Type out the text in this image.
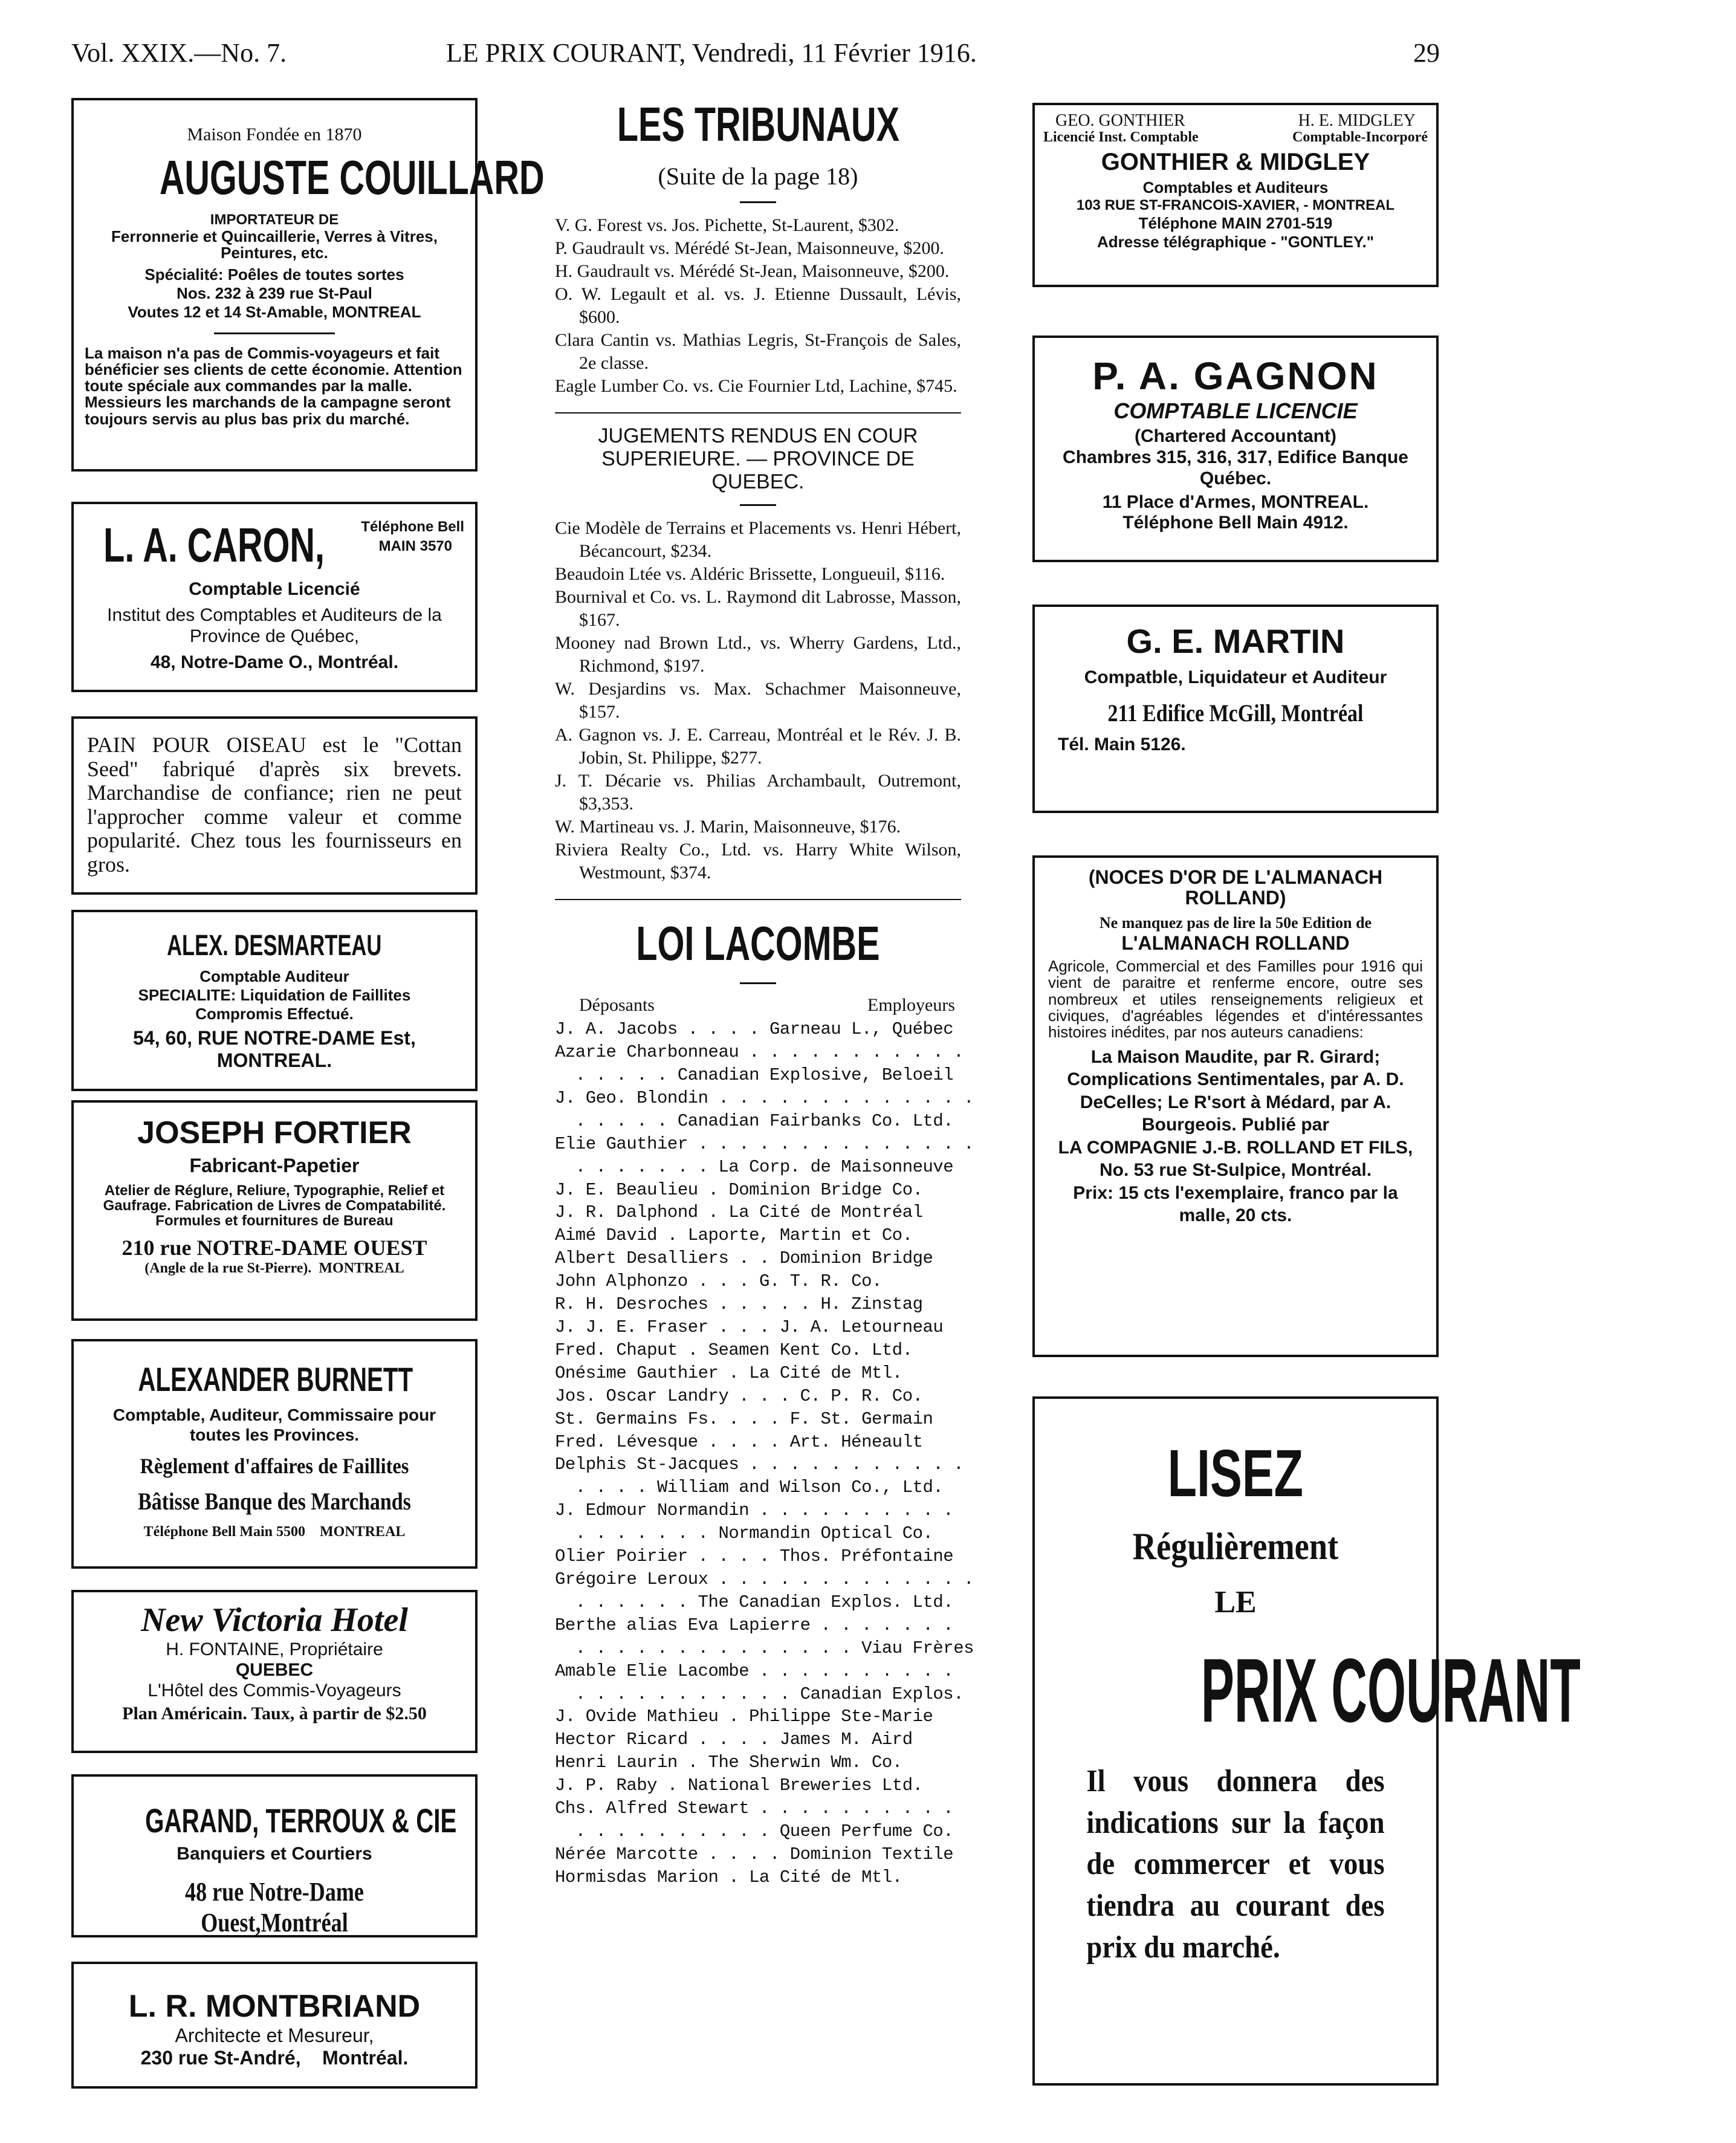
Vol. XXIX.—No. 7.	LE PRIX COURANT, Vendredi, 11 Février 1916.	29
Maison Fondée en 1870
AUGUSTE COUILLARD
IMPORTATEUR DE
Ferronnerie et Quincaillerie, Verres à Vitres, Peintures, etc.
Spécialité: Poêles de toutes sortes
Nos. 232 à 239 rue St-Paul
Voutes 12 et 14 St-Amable, MONTREAL
La maison n'a pas de Commis-voyageurs et fait bénéficier ses clients de cette économie. Attention toute spéciale aux commandes par la malle. Messieurs les marchands de la campagne seront toujours servis au plus bas prix du marché.
L. A. CARON,	Téléphone Bell
MAIN 3570
Comptable Licencié
Institut des Comptables et Auditeurs de la Province de Québec,
48, Notre-Dame O., Montréal.
PAIN POUR OISEAU est le "Cottan Seed" fabriqué d'après six brevets. Marchandise de confiance; rien ne peut l'approcher comme valeur et comme popularité. Chez tous les fournisseurs en gros.
ALEX. DESMARTEAU
Comptable Auditeur
SPECIALITE: Liquidation de Faillites
Compromis Effectué.
54, 60, RUE NOTRE-DAME Est,
MONTREAL.
JOSEPH FORTIER
Fabricant-Papetier
Atelier de Réglure, Reliure, Typographie, Relief et Gaufrage. Fabrication de Livres de Compatabilité. Formules et fournitures de Bureau
210 rue NOTRE-DAME OUEST
(Angle de la rue St-Pierre). MONTREAL
ALEXANDER BURNETT
Comptable, Auditeur, Commissaire pour toutes les Provinces.
Règlement d'affaires de Faillites
Bâtisse Banque des Marchands
Téléphone Bell Main 5500 MONTREAL
New Victoria Hotel
H. FONTAINE, Propriétaire
QUEBEC
L'Hôtel des Commis-Voyageurs
Plan Américain. Taux, à partir de $2.50
GARAND, TERROUX & CIE
Banquiers et Courtiers
48 rue Notre-Dame Ouest,Montréal
L. R. MONTBRIAND
Architecte et Mesureur,
230 rue St-André, Montréal.
LES TRIBUNAUX
(Suite de la page 18)

V. G. Forest vs. Jos. Pichette, St-Laurent, $302.

P. Gaudrault vs. Mérédé St-Jean, Maisonneuve, $200.

H. Gaudrault vs. Mérédé St-Jean, Maisonneuve, $200.

O. W. Legault et al. vs. J. Etienne Dussault, Lévis, $600.

Clara Cantin vs. Mathias Legris, St-François de Sales, 2e classe.

Eagle Lumber Co. vs. Cie Fournier Ltd, Lachine, $745.

JUGEMENTS RENDUS EN COUR SUPERIEURE. — PROVINCE DE QUEBEC.

Cie Modèle de Terrains et Placements vs. Henri Hébert, Bécancourt, $234.

Beaudoin Ltée vs. Aldéric Brissette, Longueuil, $116.

Bournival et Co. vs. L. Raymond dit Labrosse, Masson, $167.

Mooney nad Brown Ltd., vs. Wherry Gardens, Ltd., Richmond, $197.

W. Desjardins vs. Max. Schachmer Maisonneuve, $157.

A. Gagnon vs. J. E. Carreau, Montréal et le Rév. J. B. Jobin, St. Philippe, $277.

J. T. Décarie vs. Philias Archambault, Outremont, $3,353.

W. Martineau vs. J. Marin, Maisonneuve, $176.

Riviera Realty Co., Ltd. vs. Harry White Wilson, Westmount, $374.

LOI LACOMBE
Déposants	Employeurs

J. A. Jacobs . . . . Garneau L., Québec

Azarie Charbonneau . . . . . . . . . . .

. . . . . Canadian Explosive, Beloeil

J. Geo. Blondin . . . . . . . . . . . . .

. . . . . Canadian Fairbanks Co. Ltd.

Elie Gauthier . . . . . . . . . . . . . .

. . . . . . . La Corp. de Maisonneuve

J. E. Beaulieu . Dominion Bridge Co.

J. R. Dalphond . La Cité de Montréal

Aimé David . Laporte, Martin et Co.

Albert Desalliers . . Dominion Bridge

John Alphonzo . . . G. T. R. Co.

R. H. Desroches . . . . . H. Zinstag

J. J. E. Fraser . . . J. A. Letourneau

Fred. Chaput . Seamen Kent Co. Ltd.

Onésime Gauthier . La Cité de Mtl.

Jos. Oscar Landry . . . C. P. R. Co.

St. Germains Fs. . . . F. St. Germain

Fred. Lévesque . . . . Art. Héneault

Delphis St-Jacques . . . . . . . . . . .

. . . . William and Wilson Co., Ltd.

J. Edmour Normandin . . . . . . . . . .

. . . . . . . Normandin Optical Co.

Olier Poirier . . . . Thos. Préfontaine

Grégoire Leroux . . . . . . . . . . . . .

. . . . . . The Canadian Explos. Ltd.

Berthe alias Eva Lapierre . . . . . . .

. . . . . . . . . . . . . . Viau Frères

Amable Elie Lacombe . . . . . . . . . .

. . . . . . . . . . . Canadian Explos.

J. Ovide Mathieu . Philippe Ste-Marie

Hector Ricard . . . . James M. Aird

Henri Laurin . The Sherwin Wm. Co.

J. P. Raby . National Breweries Ltd.

Chs. Alfred Stewart . . . . . . . . . .

. . . . . . . . . . Queen Perfume Co.

Nérée Marcotte . . . . Dominion Textile

Hormisdas Marion . La Cité de Mtl.

GEO. GONTHIER	H. E. MIDGLEY
Licencié Inst. Comptable	Comptable-Incorporé
GONTHIER & MIDGLEY
Comptables et Auditeurs
103 RUE ST-FRANCOIS-XAVIER, - MONTREAL
Téléphone MAIN 2701-519
Adresse télégraphique - "GONTLEY."
P. A. GAGNON
COMPTABLE LICENCIE
(Chartered Accountant)
Chambres 315, 316, 317, Edifice Banque Québec.
11 Place d'Armes, MONTREAL.
Téléphone Bell Main 4912.
G. E. MARTIN
Compatble, Liquidateur et Auditeur
211 Edifice McGill, Montréal
Tél. Main 5126.
(NOCES D'OR DE L'ALMANACH ROLLAND)
Ne manquez pas de lire la 50e Edition de
L'ALMANACH ROLLAND
Agricole, Commercial et des Familles pour 1916 qui vient de paraitre et renferme encore, outre ses nombreux et utiles renseignements religieux et civiques, d'agréables légendes et d'intéressantes histoires inédites, par nos auteurs canadiens:
La Maison Maudite, par R. Girard; Complications Sentimentales, par A. D. DeCelles; Le R'sort à Médard, par A. Bourgeois. Publié par
LA COMPAGNIE J.-B. ROLLAND ET FILS,
No. 53 rue St-Sulpice, Montréal.
Prix: 15 cts l'exemplaire, franco par la malle, 20 cts.
LISEZ
Régulièrement
LE
PRIX COURANT
Il vous donnera des indications sur la façon de commercer et vous tiendra au courant des prix du marché.
